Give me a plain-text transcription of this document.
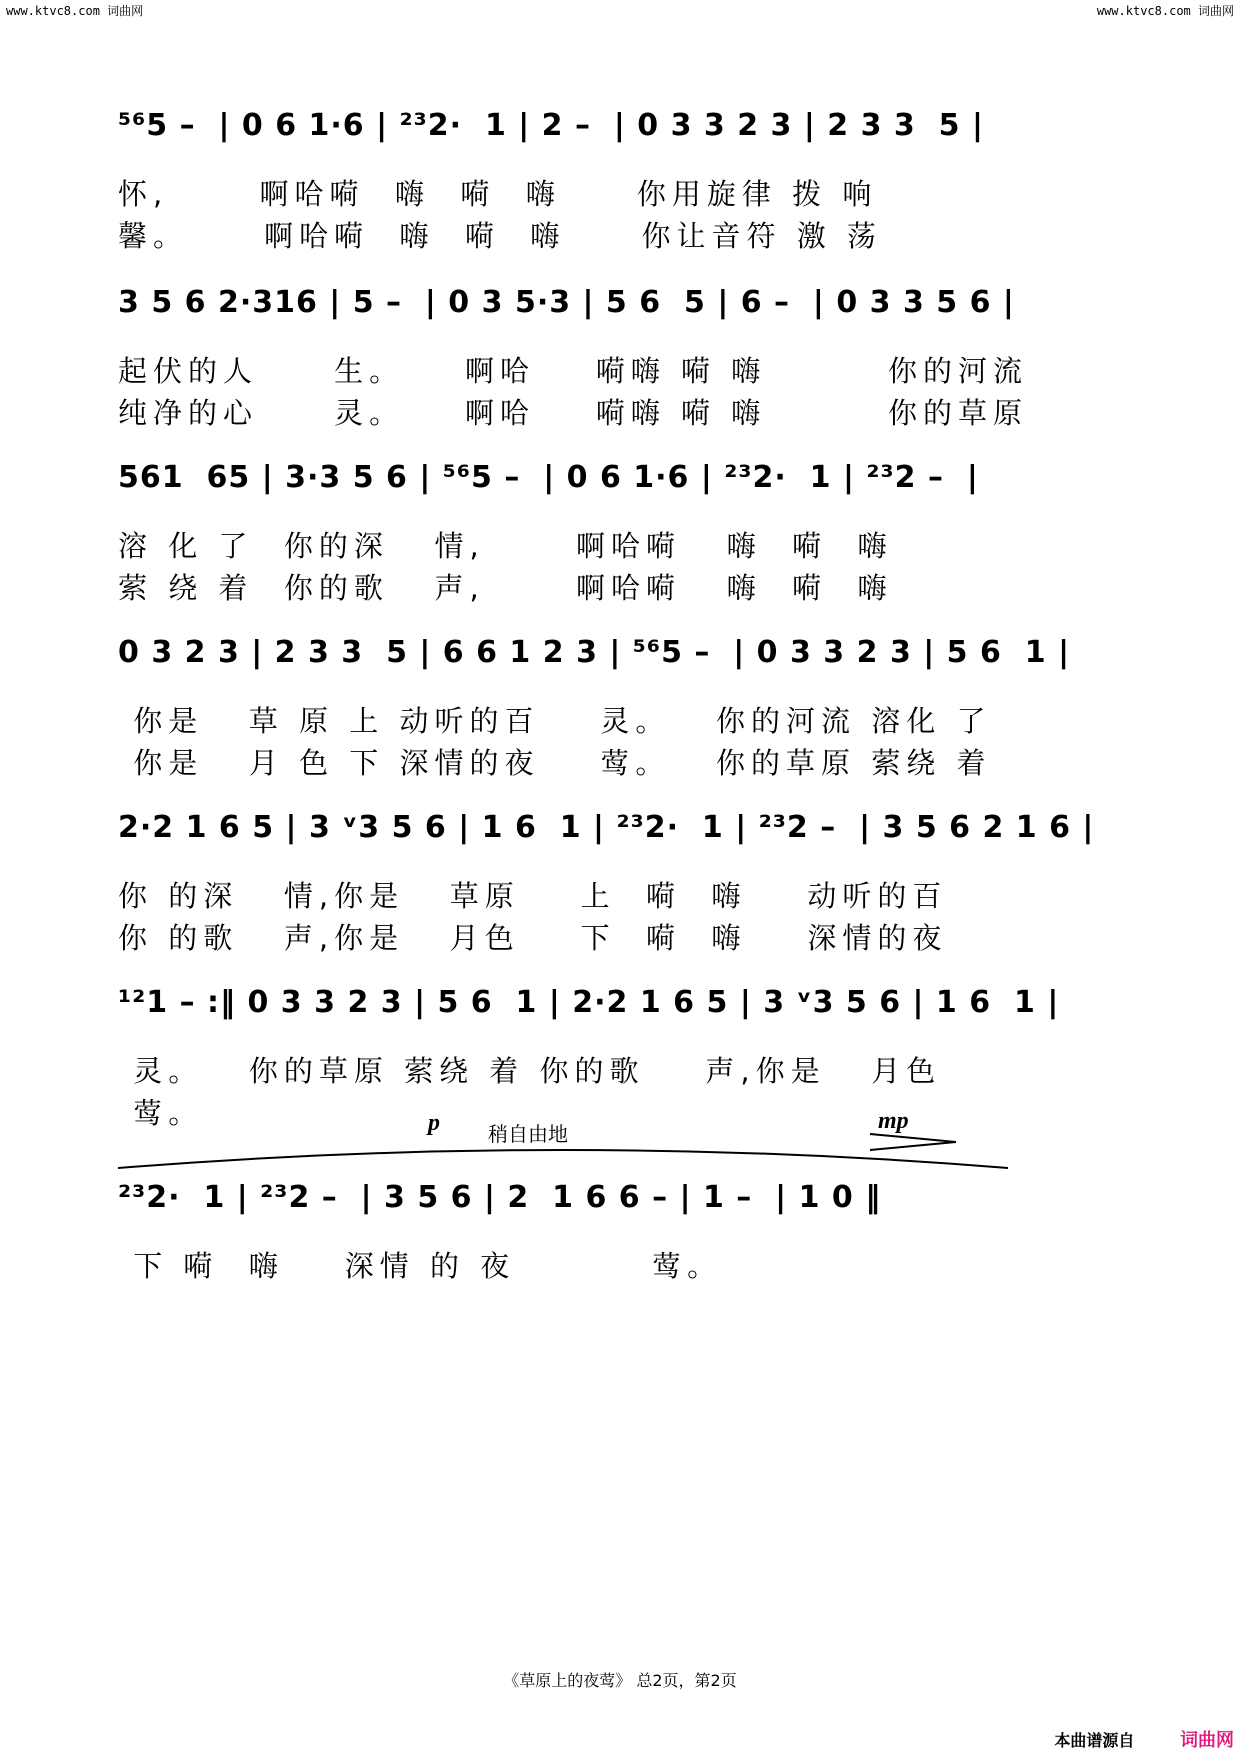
www.ktvc8.com 词曲网	www.ktvc8.com 词曲网
⁵⁶5 –  | 0 6 1·6 | ²³2·  1 | 2 –  | 0 3 3 2 3 | 2 3 3  5 |
怀,      啊哈嗬  嗨  嗬  嗨     你用旋律 拨 响
馨。     啊哈嗬  嗨  嗬  嗨     你让音符 激 荡
3 5 6 2·316 | 5 –  | 0 3 5·3 | 5 6  5 | 6 –  | 0 3 3 5 6 |
起伏的人     生。    啊哈    嗬嗨 嗬 嗨        你的河流
纯净的心     灵。    啊哈    嗬嗨 嗬 嗨        你的草原
561  65 | 3·3 5 6 | ⁵⁶5 –  | 0 6 1·6 | ²³2·  1 | ²³2 –  |
溶 化 了  你的深   情,      啊哈嗬   嗨  嗬  嗨
萦 绕 着  你的歌   声,      啊哈嗬   嗨  嗬  嗨
0 3 2 3 | 2 3 3  5 | 6 6 1 2 3 | ⁵⁶5 –  | 0 3 3 2 3 | 5 6  1 |
你是   草 原 上 动听的百    灵。   你的河流 溶化 了
你是   月 色 下 深情的夜    莺。   你的草原 萦绕 着
2·2 1 6 5 | 3 ᵛ3 5 6 | 1 6  1 | ²³2·  1 | ²³2 –  | 3 5 6 2 1 6 |
你 的深   情,你是   草原    上  嗬  嗨    动听的百
你 的歌   声,你是   月色    下  嗬  嗨    深情的夜
¹²1 – :‖ 0 3 3 2 3 | 5 6  1 | 2·2 1 6 5 | 3 ᵛ3 5 6 | 1 6  1 |
灵。   你的草原 萦绕 着 你的歌    声,你是   月色
莺。	p 稍自由地	mp
²³2·  1 | ²³2 –  | 3 5 6 | 2  1 6 6 – | 1 –  | 1 0 ‖
下 嗬  嗨    深情 的 夜         莺。
《草原上的夜莺》 总2页，第2页
本曲谱源自	词曲网
